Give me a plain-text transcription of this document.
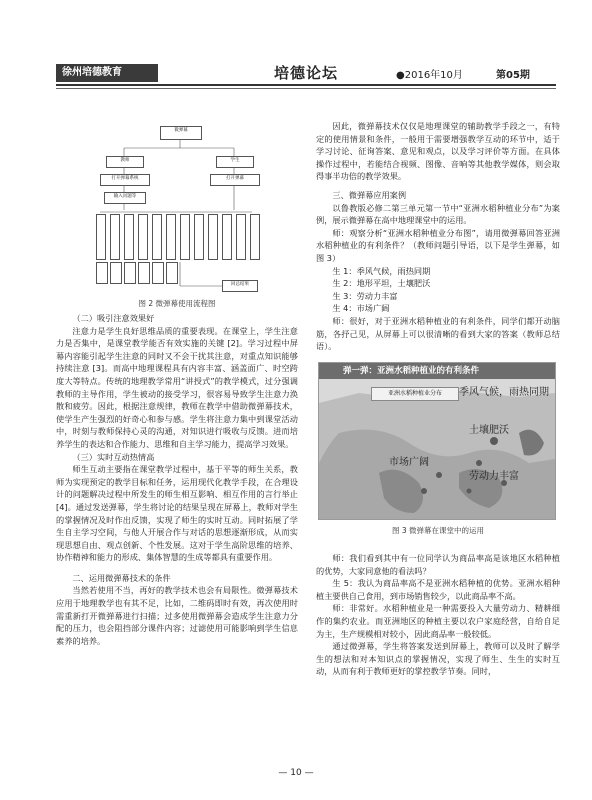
徐州培德教育	培德论坛	●2016年10月	第05期
微弹幕
教师	学生
打开弹幕系统	打开弹幕
输入问题等
回总结果
图 2 微弹幕使用流程图

（二）吸引注意效果好

注意力是学生良好思维品质的重要表现。在课堂上，学生注意力是否集中，是课堂教学能否有效实施的关键 [2]。学习过程中屏幕内容能引起学生注意的同时又不会干扰其注意，对重点知识能够持续注意 [3]。而高中地理课程具有内容丰富、涵盖面广、时空跨度大等特点。传统的地理教学常用“讲授式”的教学模式，过分强调教师的主导作用，学生被动的接受学习，很容易导致学生注意力涣散和疲劳。因此，根据注意规律，教师在教学中借助微弹幕技术，使学生产生强烈的好奇心和参与感。学生将注意力集中到课堂活动中，时刻与教师保持心灵的沟通，对知识进行吸收与反馈。进而培养学生的表达和合作能力、思维和自主学习能力，提高学习效果。

（三）实时互动热情高

师生互动主要指在课堂教学过程中，基于平等的师生关系，教师为实现预定的教学目标和任务，运用现代化教学手段，在合理设计的问题解决过程中所发生的师生相互影响、相互作用的言行举止 [4]。通过发送弹幕，学生将讨论的结果呈现在屏幕上，教师对学生的掌握情况及时作出反馈，实现了师生的实时互动。同时拓展了学生自主学习空间，与他人开展合作与对话的思想逐渐形成，从而实现思想自由、观点创新、个性发展。这对于学生高阶思维的培养、协作精神和能力的形成、集体智慧的生成等都具有重要作用。

二、运用微弹幕技术的条件

当然若使用不当，再好的教学技术也会有局限性。微弹幕技术应用于地理教学也有其不足，比如，二维码即时有效，再次使用时需重新打开微弹幕进行扫描；过多使用微弹幕会造成学生注意力分配的压力，也会阻挡部分课件内容；过滤使用可能影响到学生信息素养的培养。

因此，微弹幕技术仅仅是地理课堂的辅助教学手段之一，有特定的使用情景和条件，一般用于需要增强教学互动的环节中，适于学习讨论、征询答案、意见和观点，以及学习评价等方面。在具体操作过程中，若能结合视频、图像、音响等其他教学媒体，则会取得事半功倍的教学效果。

三、微弹幕应用案例

以鲁教版必修二第三单元第一节中“亚洲水稻种植业分布”为案例，展示微弹幕在高中地理课堂中的运用。

师：观察分析“亚洲水稻种植业分布图”，请用微弹幕回答亚洲水稻种植业的有利条件？（教师问题引导语，以下是学生弹幕，如图 3）

生 1：季风气候，雨热同期

生 2：地形平坦，土壤肥沃

生 3：劳动力丰富

生 4：市场广阔

师：很好，对于亚洲水稻种植业的有利条件，同学们都开动脑筋，各抒己见，从屏幕上可以很清晰的看到大家的答案（教师总结语）。

弹一弹：亚洲水稻种植业的有利条件
亚洲水稻种植业分布	季风气候，雨热同期
土壤肥沃
市场广阔
劳动力丰富
图 3 微弹幕在课堂中的运用

师：我们看到其中有一位同学认为商品率高是该地区水稻种植的优势，大家同意他的看法吗？

生 5：我认为商品率高不是亚洲水稻种植的优势。亚洲水稻种植主要供自己食用，到市场销售较少，以此商品率不高。

师：非常好。水稻种植业是一种需要投入大量劳动力、精耕细作的集约农业。而亚洲地区的种植主要以农户家庭经营，自给自足为主，生产规模相对较小，因此商品率一般较低。

通过微弹幕，学生将答案发送到屏幕上，教师可以及时了解学生的想法和对本知识点的掌握情况，实现了师生、生生的实时互动，从而有利于教师更好的掌控教学节奏。同时，

— 10 —
